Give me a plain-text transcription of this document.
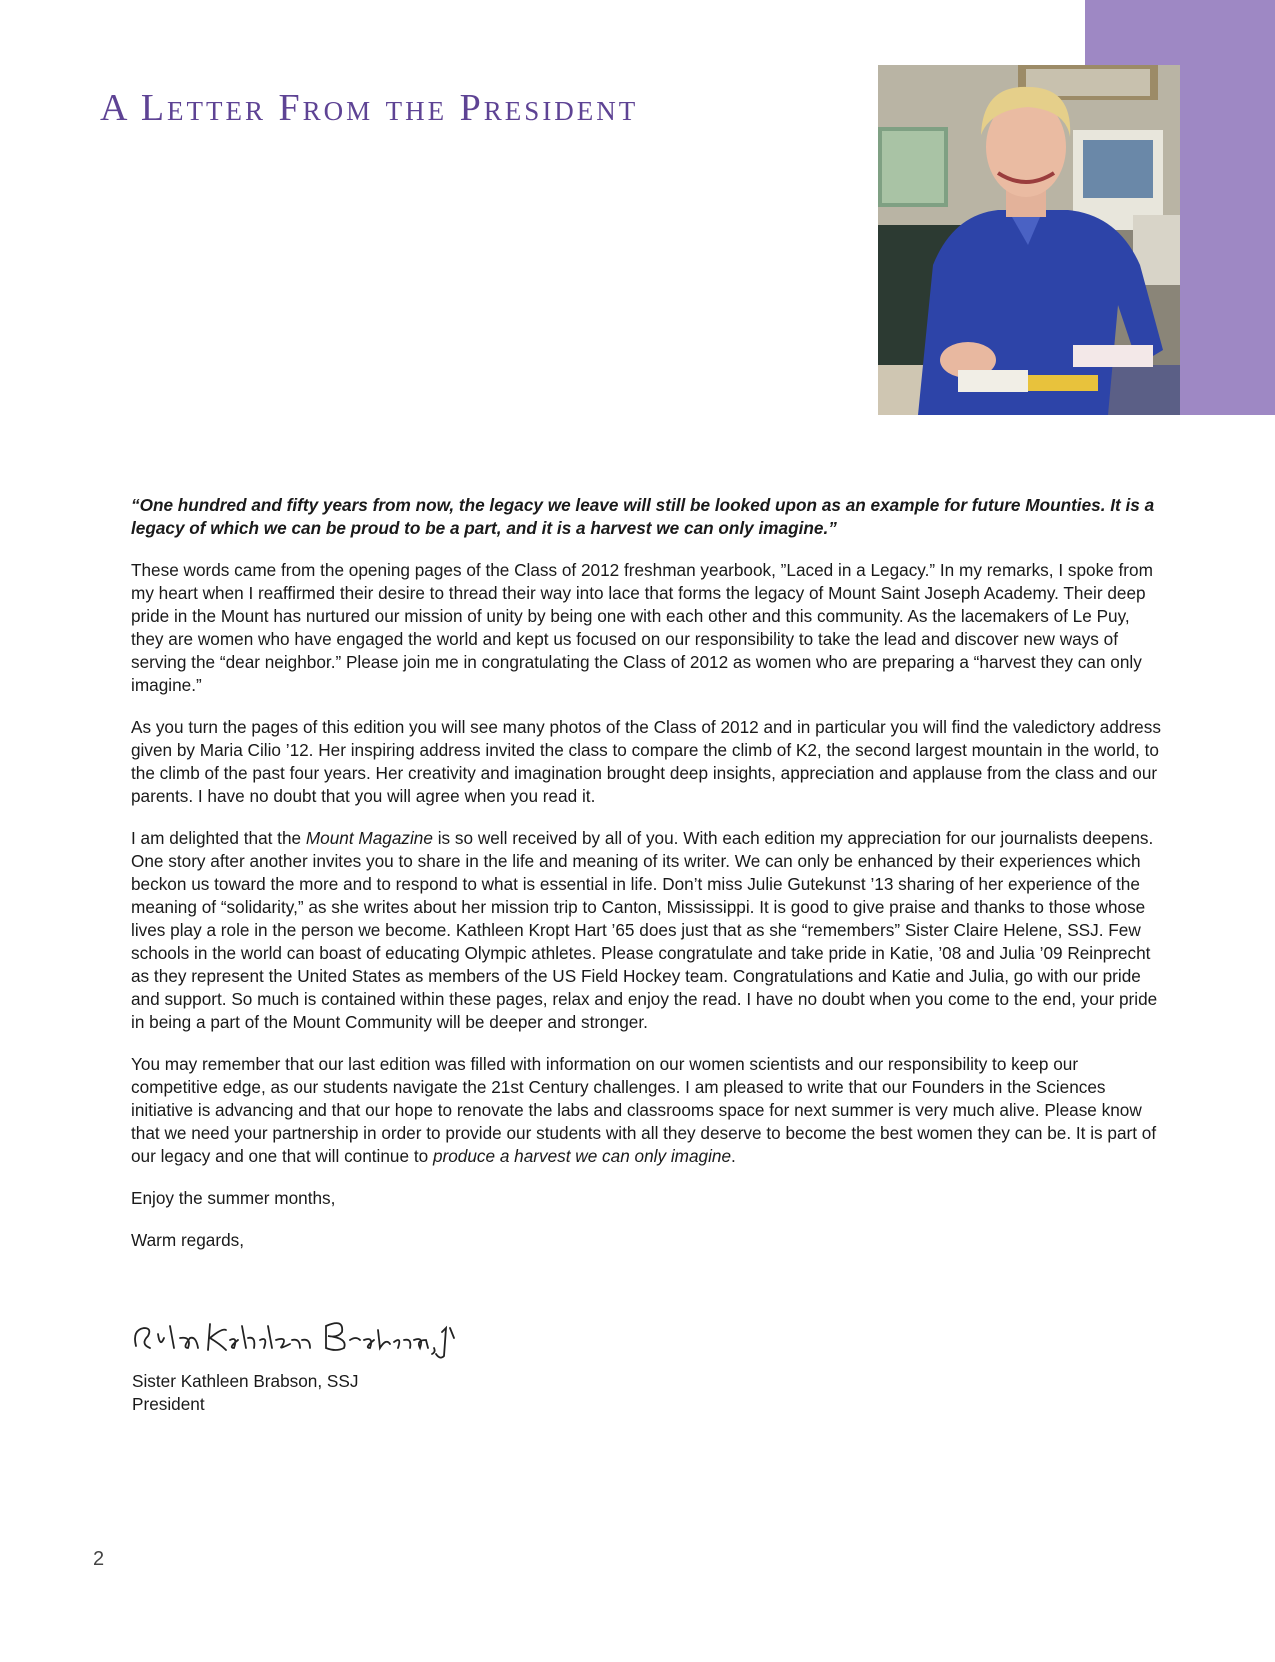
A Letter From the President

“One hundred and fifty years from now, the legacy we leave will still be looked upon as an example for future Mounties. It is a legacy of which we can be proud to be a part, and it is a harvest we can only imagine.”

These words came from the opening pages of the Class of 2012 freshman yearbook, ”Laced in a Legacy.” In my remarks, I spoke from my heart when I reaffirmed their desire to thread their way into lace that forms the legacy of Mount Saint Joseph Academy. Their deep pride in the Mount has nurtured our mission of unity by being one with each other and this community. As the lacemakers of Le Puy, they are women who have engaged the world and kept us focused on our responsibility to take the lead and discover new ways of serving the “dear neighbor.” Please join me in congratulating the Class of 2012 as women who are preparing a “harvest they can only imagine.”

As you turn the pages of this edition you will see many photos of the Class of 2012 and in particular you will find the valedictory address given by Maria Cilio ’12. Her inspiring address invited the class to compare the climb of K2, the second largest mountain in the world, to the climb of the past four years. Her creativity and imagination brought deep insights, appreciation and applause from the class and our parents. I have no doubt that you will agree when you read it.

I am delighted that the Mount Magazine is so well received by all of you. With each edition my appreciation for our journalists deepens. One story after another invites you to share in the life and meaning of its writer. We can only be enhanced by their experiences which beckon us toward the more and to respond to what is essential in life. Don’t miss Julie Gutekunst ’13 sharing of her experience of the meaning of “solidarity,” as she writes about her mission trip to Canton, Mississippi. It is good to give praise and thanks to those whose lives play a role in the person we become. Kathleen Kropt Hart ’65 does just that as she “remembers” Sister Claire Helene, SSJ. Few schools in the world can boast of educating Olympic athletes. Please congratulate and take pride in Katie, ’08 and Julia ’09 Reinprecht as they represent the United States as members of the US Field Hockey team. Congratulations and Katie and Julia, go with our pride and support. So much is contained within these pages, relax and enjoy the read. I have no doubt when you come to the end, your pride in being a part of the Mount Community will be deeper and stronger.

You may remember that our last edition was filled with information on our women scientists and our responsibility to keep our competitive edge, as our students navigate the 21st Century challenges. I am pleased to write that our Founders in the Sciences initiative is advancing and that our hope to renovate the labs and classrooms space for next summer is very much alive. Please know that we need your partnership in order to provide our students with all they deserve to become the best women they can be. It is part of our legacy and one that will continue to produce a harvest we can only imagine.

Enjoy the summer months,

Warm regards,

Sister Kathleen Brabson, SSJ
President
2
